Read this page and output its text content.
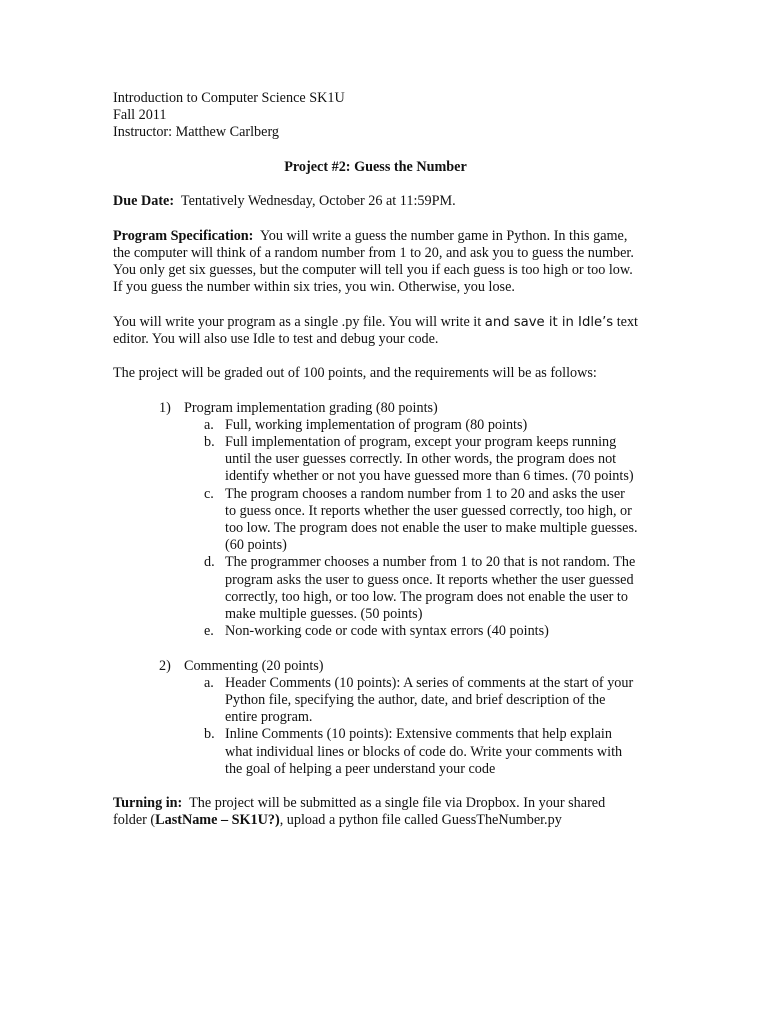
Introduction to Computer Science SK1U
Fall 2011
Instructor: Matthew Carlberg
Project #2: Guess the Number
Due Date: Tentatively Wednesday, October 26 at 11:59PM.
Program Specification: You will write a guess the number game in Python. In this game, the computer will think of a random number from 1 to 20, and ask you to guess the number. You only get six guesses, but the computer will tell you if each guess is too high or too low. If you guess the number within six tries, you win. Otherwise, you lose.
You will write your program as a single .py file. You will write it and save it in Idle’s text editor. You will also use Idle to test and debug your code.
The project will be graded out of 100 points, and the requirements will be as follows:
1) Program implementation grading (80 points)
a. Full, working implementation of program (80 points)
b. Full implementation of program, except your program keeps running until the user guesses correctly. In other words, the program does not identify whether or not you have guessed more than 6 times. (70 points)
c. The program chooses a random number from 1 to 20 and asks the user to guess once. It reports whether the user guessed correctly, too high, or too low. The program does not enable the user to make multiple guesses. (60 points)
d. The programmer chooses a number from 1 to 20 that is not random. The program asks the user to guess once. It reports whether the user guessed correctly, too high, or too low. The program does not enable the user to make multiple guesses. (50 points)
e. Non-working code or code with syntax errors (40 points)
2) Commenting (20 points)
a. Header Comments (10 points): A series of comments at the start of your Python file, specifying the author, date, and brief description of the entire program.
b. Inline Comments (10 points): Extensive comments that help explain what individual lines or blocks of code do. Write your comments with the goal of helping a peer understand your code
Turning in: The project will be submitted as a single file via Dropbox. In your shared folder (LastName – SK1U?), upload a python file called GuessTheNumber.py
